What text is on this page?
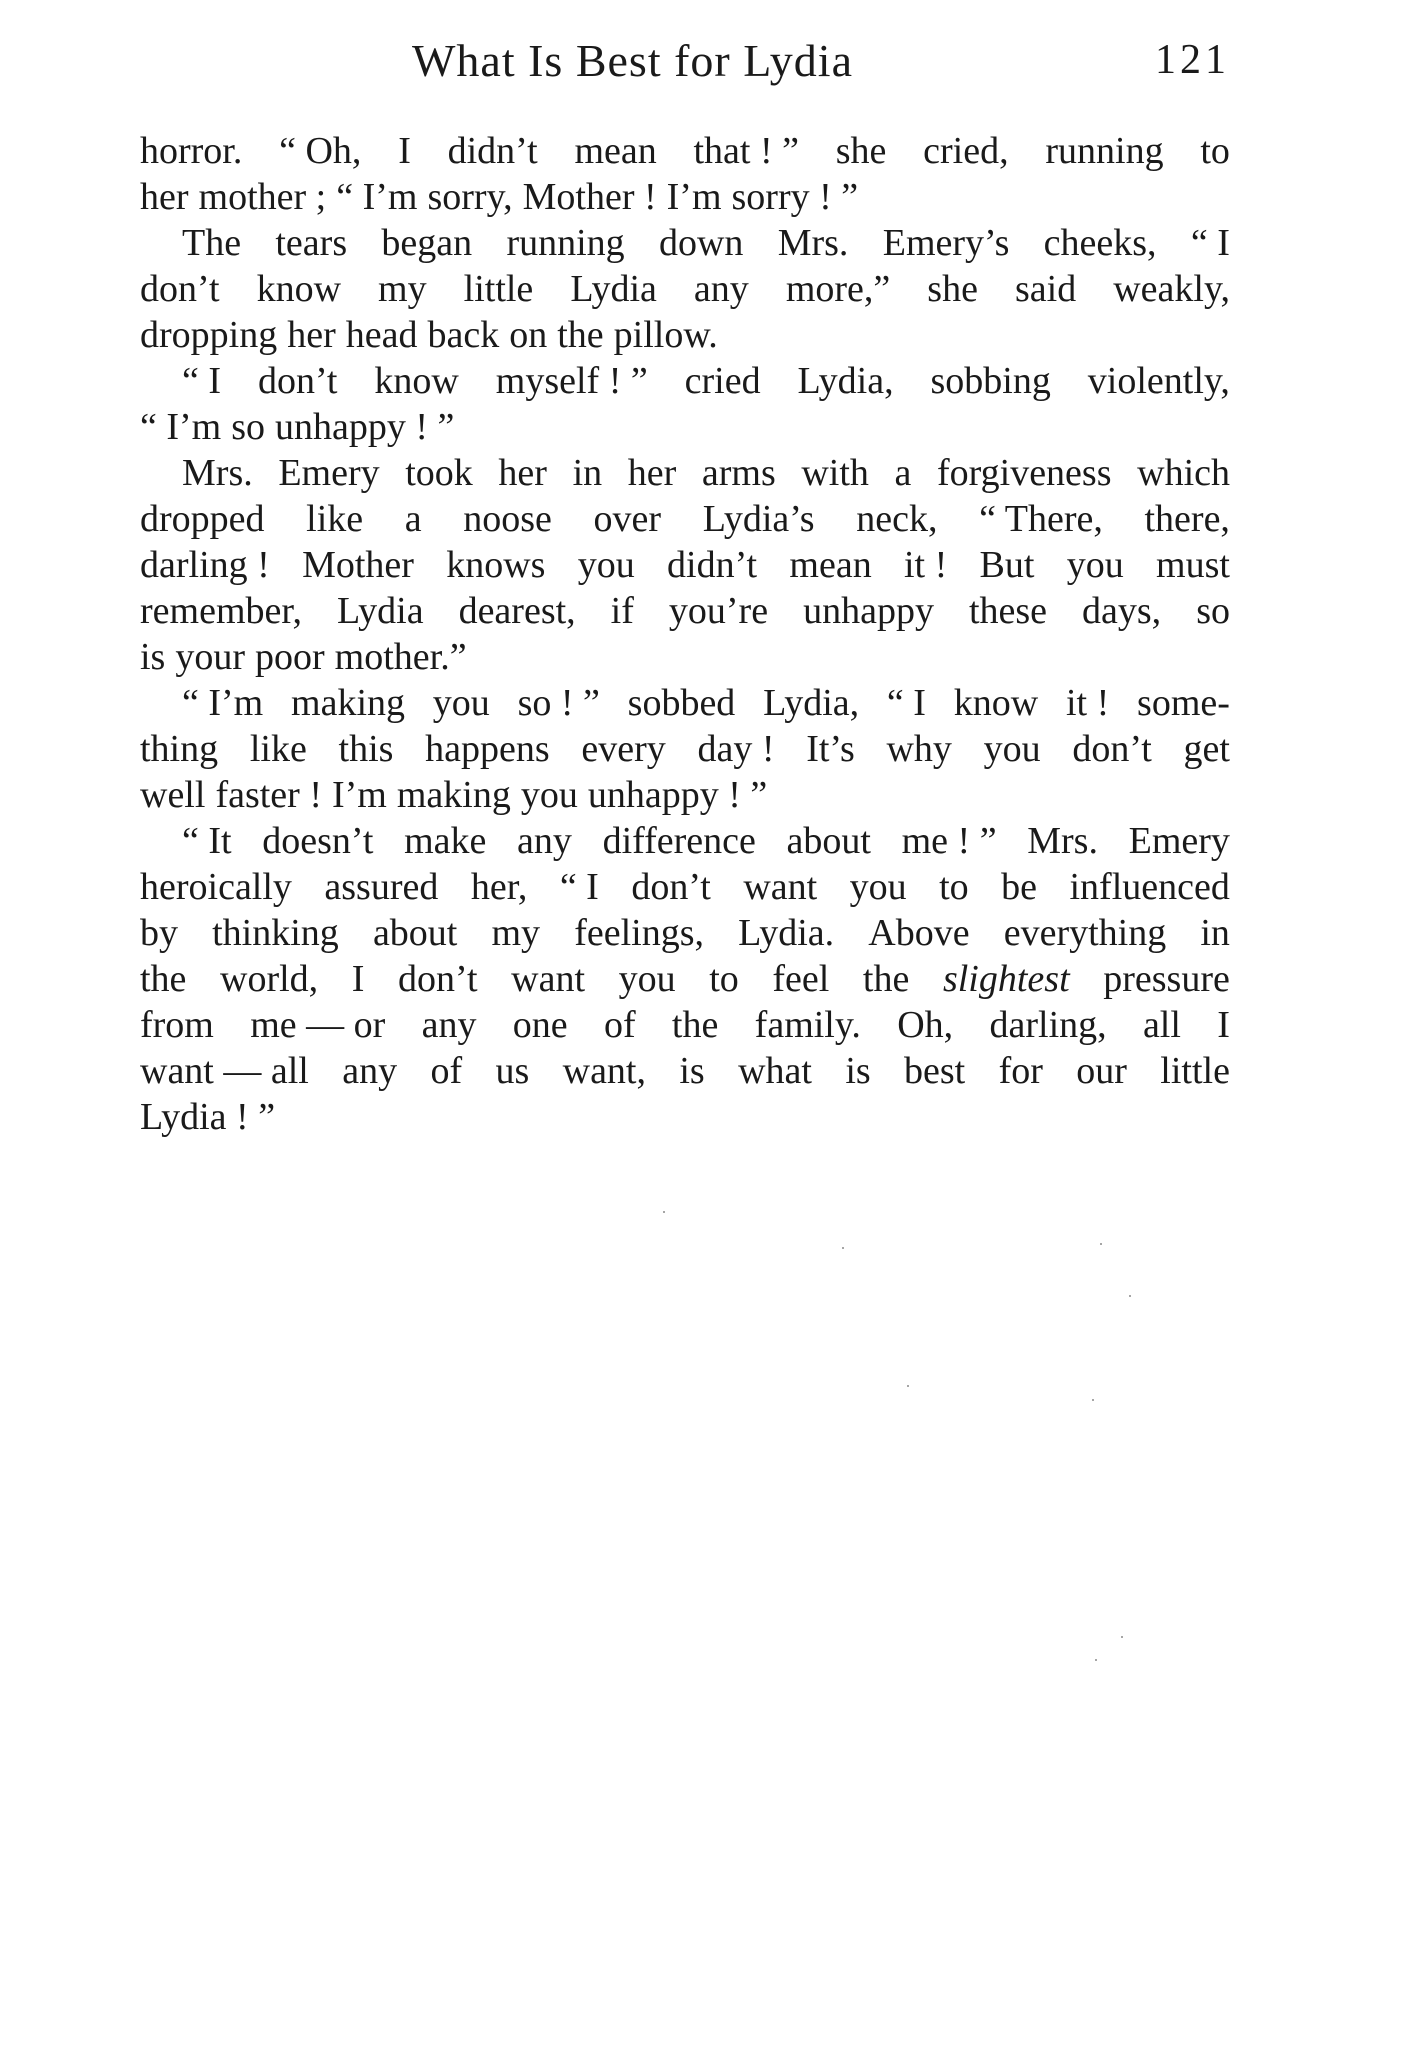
What Is Best for Lydia	121
horror. “ Oh, I didn’t mean that ! ” she cried, running to
her mother ; “ I’m sorry, Mother ! I’m sorry ! ”
The tears began running down Mrs. Emery’s cheeks, “ I
don’t know my little Lydia any more,” she said weakly,
dropping her head back on the pillow.
“ I don’t know myself ! ” cried Lydia, sobbing violently,
“ I’m so unhappy ! ”
Mrs. Emery took her in her arms with a forgiveness which
dropped like a noose over Lydia’s neck, “ There, there,
darling ! Mother knows you didn’t mean it ! But you must
remember, Lydia dearest, if you’re unhappy these days, so
is your poor mother.”
“ I’m making you so ! ” sobbed Lydia, “ I know it ! some-
thing like this happens every day ! It’s why you don’t get
well faster ! I’m making you unhappy ! ”
“ It doesn’t make any difference about me ! ” Mrs. Emery
heroically assured her, “ I don’t want you to be influenced
by thinking about my feelings, Lydia. Above everything in
the world, I don’t want you to feel the slightest pressure
from me — or any one of the family. Oh, darling, all I
want — all any of us want, is what is best for our little
Lydia ! ”
